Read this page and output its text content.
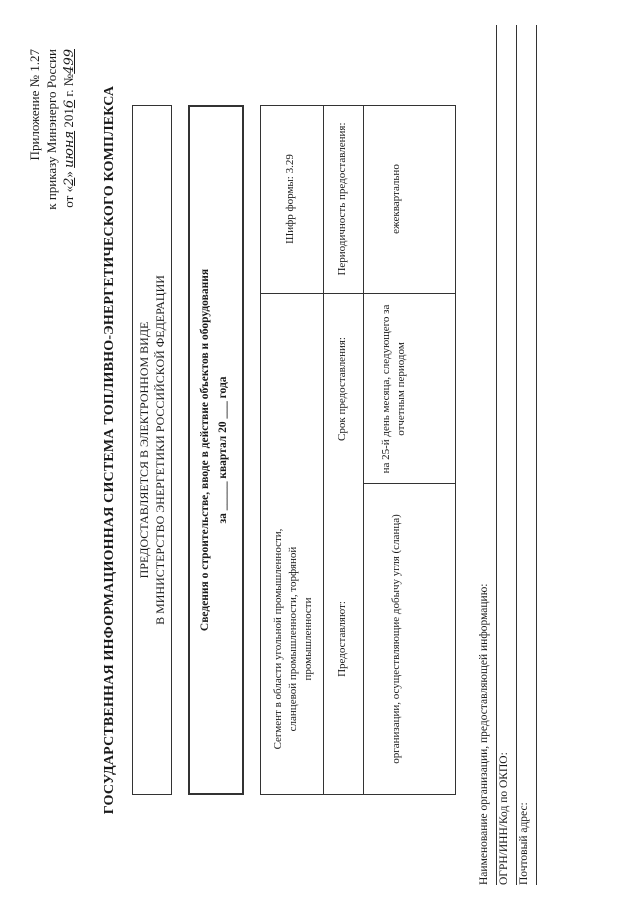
Приложение № 1.27 к приказу Минэнерго России от «2» июня 2016 г. №499
ГОСУДАРСТВЕННАЯ ИНФОРМАЦИОННАЯ СИСТЕМА ТОПЛИВНО-ЭНЕРГЕТИЧЕСКОГО КОМПЛЕКСА ПРЕДОСТАВЛЯЕТСЯ В ЭЛЕКТРОННОМ ВИДЕ В МИНИСТЕРСТВО ЭНЕРГЕТИКИ РОССИЙСКОЙ ФЕДЕРАЦИИ	Сведения о строительстве, вводе в действие объектов и оборудования за _____ квартал 20 ___ года
Сегмент в области угольной промышленности, сланцевой промышленности, торфяной промышленности
Шифр формы: 3.29
Предоставляют:
Срок предоставления:
Периодичность предоставления:
организации, осуществляющие добычу угля (сланца)
на 25-й день месяца, следующего за отчетным периодом
ежеквартально
Наименование организации, предоставляющей информацию: ОГРН/ИНН/Код по ОКПО: Почтовый адрес:
